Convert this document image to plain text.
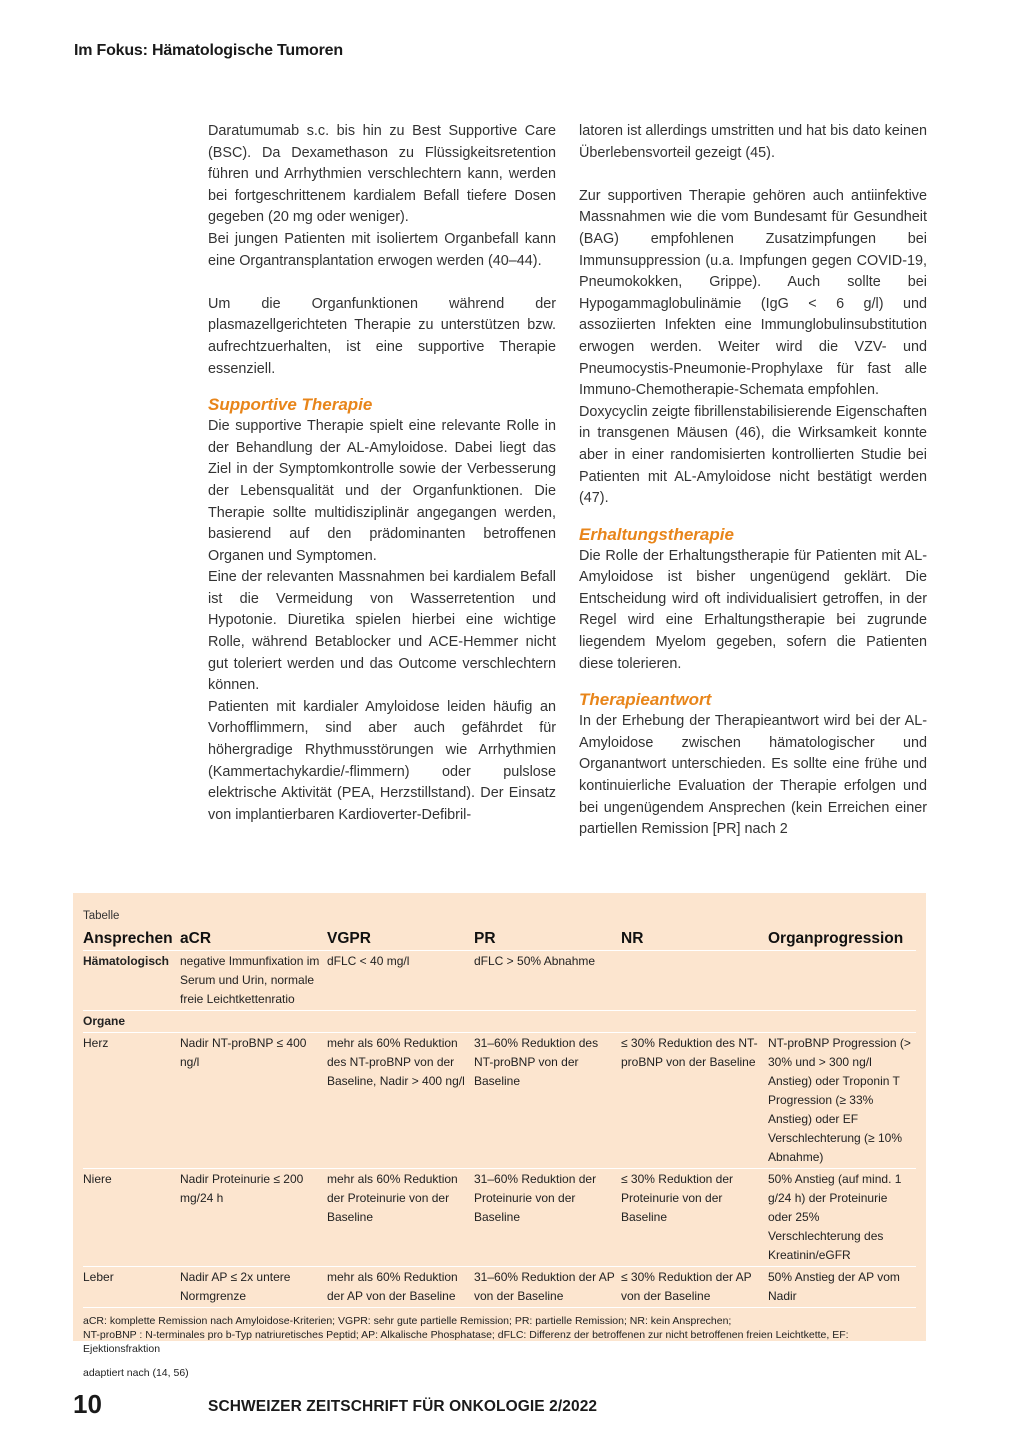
Im Fokus: Hämatologische Tumoren

Daratumumab s.c. bis hin zu Best Supportive Care (BSC). Da Dexamethason zu Flüssigkeitsretention führen und Arrhythmien verschlechtern kann, werden bei fortgeschrittenem kardialem Befall tiefere Dosen gegeben (20 mg oder weniger).

Bei jungen Patienten mit isoliertem Organbefall kann eine Organtransplantation erwogen werden (40–44).

Um die Organfunktionen während der plasmazellgerichteten Therapie zu unterstützen bzw. aufrechtzuerhalten, ist eine supportive Therapie essenziell.

Supportive Therapie

Die supportive Therapie spielt eine relevante Rolle in der Behandlung der AL-Amyloidose. Dabei liegt das Ziel in der Symptomkontrolle sowie der Verbesserung der Lebensqualität und der Organfunktionen. Die Therapie sollte multidisziplinär angegangen werden, basierend auf den prädominanten betroffenen Organen und Symptomen.

Eine der relevanten Massnahmen bei kardialem Befall ist die Vermeidung von Wasserretention und Hypotonie. Diuretika spielen hierbei eine wichtige Rolle, während Betablocker und ACE-Hemmer nicht gut toleriert werden und das Outcome verschlechtern können.

Patienten mit kardialer Amyloidose leiden häufig an Vorhofflimmern, sind aber auch gefährdet für höhergradige Rhythmusstörungen wie Arrhythmien (Kammertachykardie/-flimmern) oder pulslose elektrische Aktivität (PEA, Herzstillstand). Der Einsatz von implantierbaren Kardioverter-Defibril-

latoren ist allerdings umstritten und hat bis dato keinen Überlebensvorteil gezeigt (45).

Zur supportiven Therapie gehören auch antiinfektive Massnahmen wie die vom Bundesamt für Gesundheit (BAG) empfohlenen Zusatzimpfungen bei Immunsuppression (u.a. Impfungen gegen COVID-19, Pneumokokken, Grippe). Auch sollte bei Hypogammaglobulinämie (IgG < 6 g/l) und assoziierten Infekten eine Immunglobulinsubstitution erwogen werden. Weiter wird die VZV- und Pneumocystis-Pneumonie-Prophylaxe für fast alle Immuno-Chemotherapie-Schemata empfohlen.

Doxycyclin zeigte fibrillenstabilisierende Eigenschaften in transgenen Mäusen (46), die Wirksamkeit konnte aber in einer randomisierten kontrollierten Studie bei Patienten mit AL-Amyloidose nicht bestätigt werden (47).

Erhaltungstherapie

Die Rolle der Erhaltungstherapie für Patienten mit AL-Amyloidose ist bisher ungenügend geklärt. Die Entscheidung wird oft individualisiert getroffen, in der Regel wird eine Erhaltungstherapie bei zugrunde liegendem Myelom gegeben, sofern die Patienten diese tolerieren.

Therapieantwort

In der Erhebung der Therapieantwort wird bei der AL-Amyloidose zwischen hämatologischer und Organantwort unterschieden. Es sollte eine frühe und kontinuierliche Evaluation der Therapie erfolgen und bei ungenügendem Ansprechen (kein Erreichen einer partiellen Remission [PR] nach 2

Tabelle
Ansprechen	aCR	VGPR	PR	NR	Organprogression
Hämatologisch	negative Immunfixation im Serum und Urin, normale freie Leichtkettenratio	dFLC < 40 mg/l	dFLC > 50% Abnahme		
Organe					
Herz	Nadir NT-proBNP ≤ 400 ng/l	mehr als 60% Reduktion des NT-proBNP von der Baseline, Nadir > 400 ng/l	31–60% Reduktion des NT-proBNP von der Baseline	≤ 30% Reduktion des NT-proBNP von der Baseline	NT-proBNP Progression (> 30% und > 300 ng/l Anstieg) oder Troponin T Progression (≥ 33% Anstieg) oder EF Verschlechterung (≥ 10% Abnahme)
Niere	Nadir Proteinurie ≤ 200 mg/24 h	mehr als 60% Reduktion der Proteinurie von der Baseline	31–60% Reduktion der Proteinurie von der Baseline	≤ 30% Reduktion der Proteinurie von der Baseline	50% Anstieg (auf mind. 1 g/24 h) der Proteinurie oder 25% Verschlechterung des Kreatinin/eGFR
Leber	Nadir AP ≤ 2x untere Normgrenze	mehr als 60% Reduktion der AP von der Baseline	31–60% Reduktion der AP von der Baseline	≤ 30% Reduktion der AP von der Baseline	50% Anstieg der AP vom Nadir
aCR: komplette Remission nach Amyloidose-Kriterien; VGPR: sehr gute partielle Remission; PR: partielle Remission; NR: kein Ansprechen;
NT-proBNP : N-terminales pro b-Typ natriuretisches Peptid; AP: Alkalische Phosphatase; dFLC: Differenz der betroffenen zur nicht betroffenen freien Leichtkette, EF: Ejektionsfraktion
adaptiert nach (14, 56)
10	SCHWEIZER ZEITSCHRIFT FÜR ONKOLOGIE 2/2022
